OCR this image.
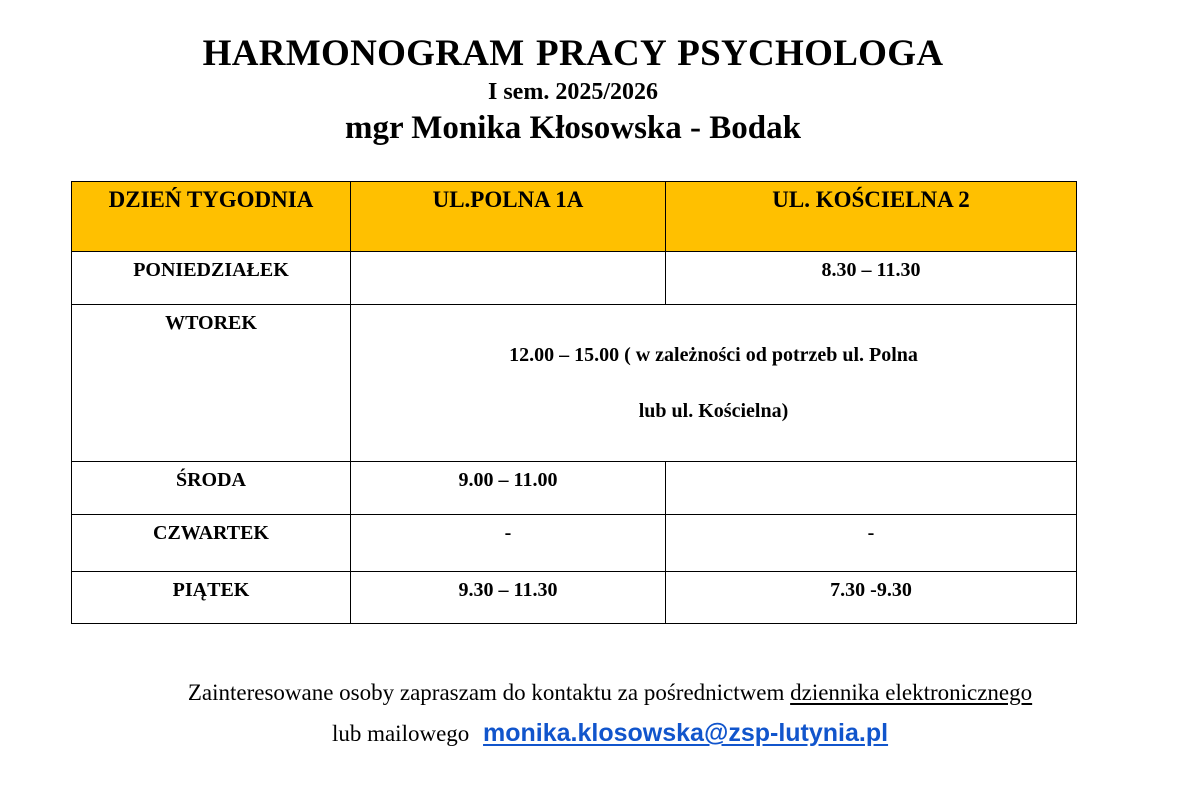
HARMONOGRAM PRACY PSYCHOLOGA
I sem. 2025/2026
mgr Monika Kłosowska - Bodak
DZIEŃ TYGODNIA	UL.POLNA 1A	UL. KOŚCIELNA 2
PONIEDZIAŁEK		8.30 – 11.30
WTOREK	12.00 – 15.00 ( w zależności od potrzeb ul. Polna
lub ul. Kościelna)	

ŚRODA	9.00 – 11.00	
CZWARTEK	-	-
PIĄTEK	9.30 – 11.30	7.30 -9.30

Zainteresowane osoby zapraszam do kontaktu za pośrednictwem dziennika elektronicznego

lub mailowego monika.klosowska@zsp-lutynia.pl
